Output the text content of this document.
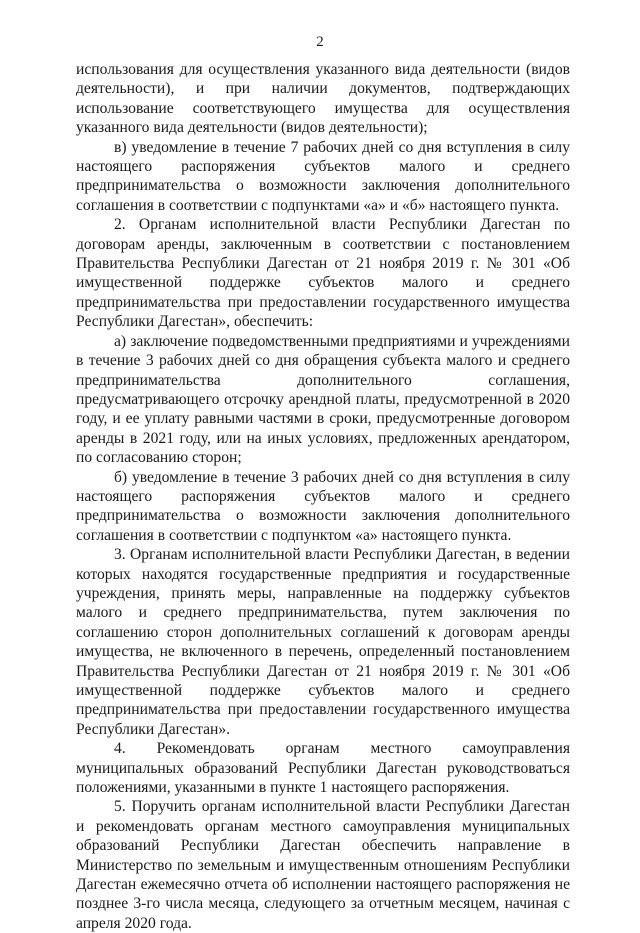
2

использования для осуществления указанного вида деятельности (видов деятельности), и при наличии документов, подтверждающих использование соответствующего имущества для осуществления указанного вида деятельности (видов деятельности);

в) уведомление в течение 7 рабочих дней со дня вступления в силу настоящего распоряжения субъектов малого и среднего предпринимательства о возможности заключения дополнительного соглашения в соответствии с подпунктами «а» и «б» настоящего пункта.

2. Органам исполнительной власти Республики Дагестан по договорам аренды, заключенным в соответствии с постановлением Правительства Республики Дагестан от 21 ноября 2019 г. № 301 «Об имущественной поддержке субъектов малого и среднего предпринимательства при предоставлении государственного имущества Республики Дагестан», обеспечить:

а) заключение подведомственными предприятиями и учреждениями в течение 3 рабочих дней со дня обращения субъекта малого и среднего предпринимательства дополнительного соглашения, предусматривающего отсрочку арендной платы, предусмотренной в 2020 году, и ее уплату равными частями в сроки, предусмотренные договором аренды в 2021 году, или на иных условиях, предложенных арендатором, по согласованию сторон;

б) уведомление в течение 3 рабочих дней со дня вступления в силу настоящего распоряжения субъектов малого и среднего предпринимательства о возможности заключения дополнительного соглашения в соответствии с подпунктом «а» настоящего пункта.

3. Органам исполнительной власти Республики Дагестан, в ведении которых находятся государственные предприятия и государственные учреждения, принять меры, направленные на поддержку субъектов малого и среднего предпринимательства, путем заключения по соглашению сторон дополнительных соглашений к договорам аренды имущества, не включенного в перечень, определенный постановлением Правительства Республики Дагестан от 21 ноября 2019 г. № 301 «Об имущественной поддержке субъектов малого и среднего предпринимательства при предоставлении государственного имущества Республики Дагестан».

4. Рекомендовать органам местного самоуправления муниципальных образований Республики Дагестан руководствоваться положениями, указанными в пункте 1 настоящего распоряжения.

5. Поручить органам исполнительной власти Республики Дагестан и рекомендовать органам местного самоуправления муниципальных образований Республики Дагестан обеспечить направление в Министерство по земельным и имущественным отношениям Республики Дагестан ежемесячно отчета об исполнении настоящего распоряжения не позднее 3-го числа месяца, следующего за отчетным месяцем, начиная с апреля 2020 года.
